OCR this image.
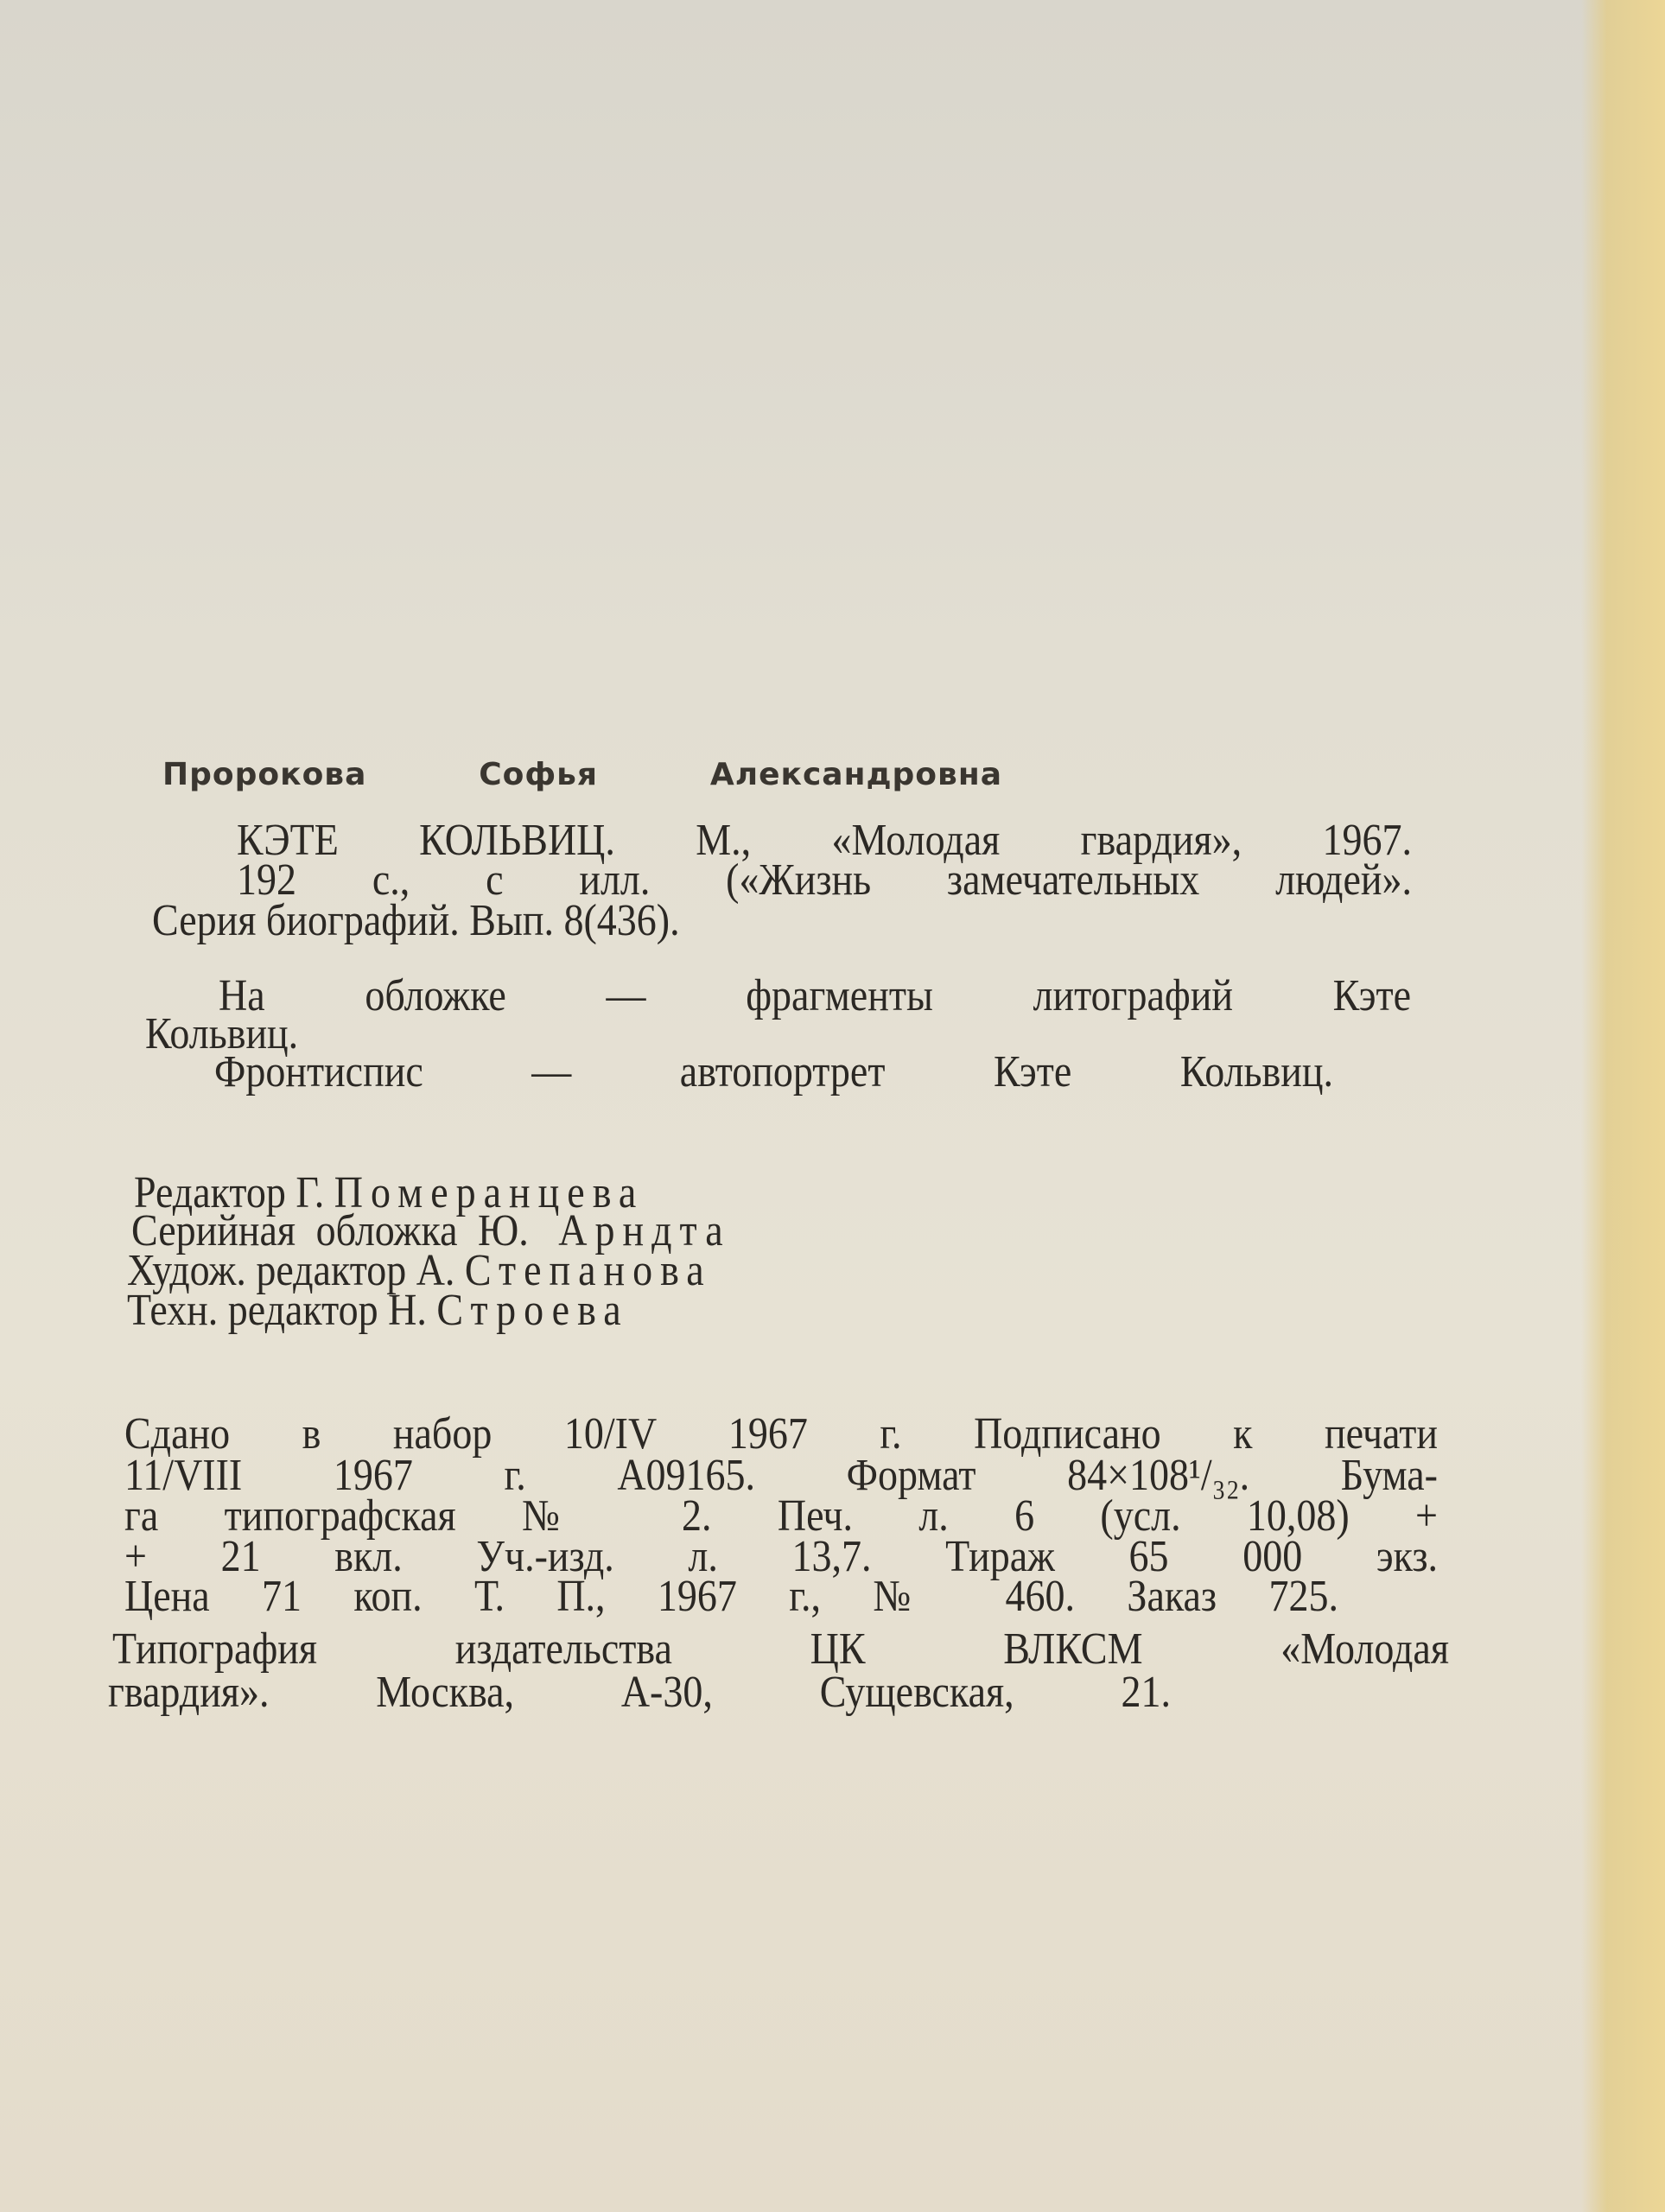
Пророкова	Софья	Александровна
КЭТЕ КОЛЬВИЦ. М., «Молодая гвардия», 1967.
192 с., с илл. («Жизнь замечательных людей».
Серия биографий. Вып. 8(436).
На обложке — фрагменты литографий Кэте
Кольвиц.
Фронтиспис — автопортрет Кэте Кольвиц.
Редактор Г. Померанцева
Серийная обложка Ю. Арндта
Худож. редактор А. Степанова
Техн. редактор Н. Строева
Сдано в набор 10/IV 1967 г. Подписано к печати
11/VIII 1967 г. А09165. Формат 84×108¹/₃₂. Бума-
га типографская № 2. Печ. л. 6 (усл. 10,08) +
+ 21 вкл. Уч.-изд. л. 13,7. Тираж 65 000 экз.
Цена 71 коп. Т. П., 1967 г., № 460. Заказ 725.
Типография издательства ЦК ВЛКСМ «Молодая
гвардия». Москва, А-30, Сущевская, 21.
